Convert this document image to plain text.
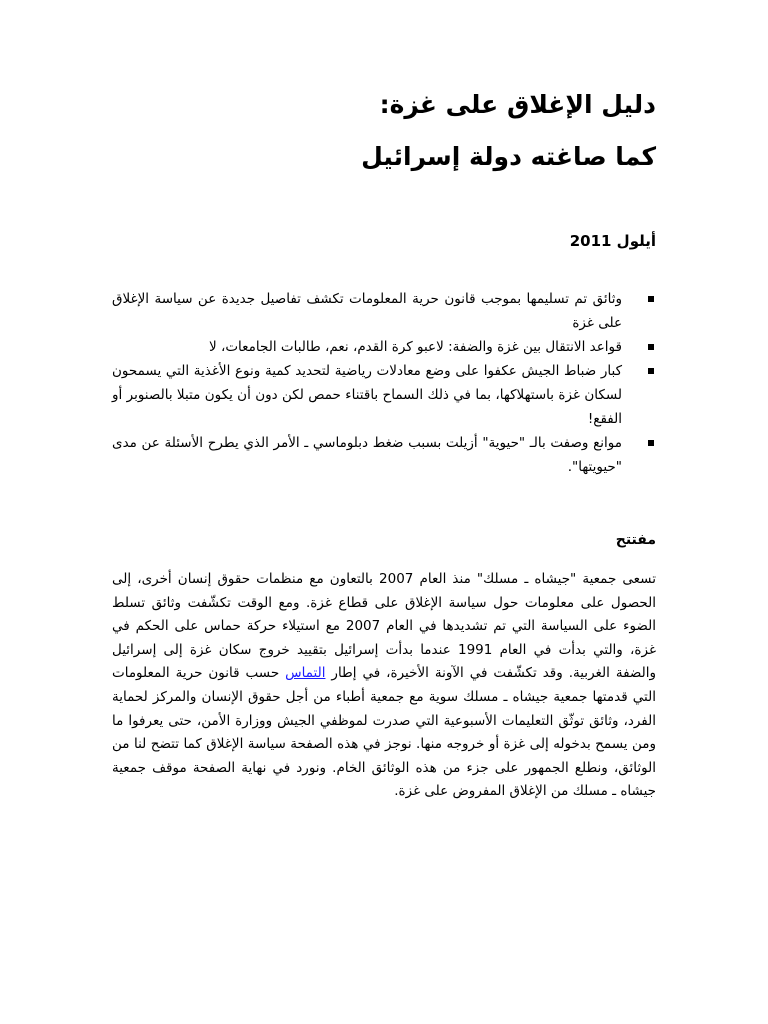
دليل الإغلاق على غزة:
كما صاغته دولة إسرائيل

أيلول 2011

وثائق تم تسليمها بموجب قانون حرية المعلومات تكشف تفاصيل جديدة عن سياسة الإغلاق على غزة
قواعد الانتقال بين غزة والضفة: لاعبو كرة القدم، نعم، طالبات الجامعات، لا
كبار ضباط الجيش عكفوا على وضع معادلات رياضية لتحديد كمية ونوع الأغذية التي يسمحون لسكان غزة باستهلاكها، بما في ذلك السماح باقتناء حمص لكن دون أن يكون متبلا بالصنوبر أو الفقع!
موانع وصفت بالـ "حيوية" أزيلت بسبب ضغط دبلوماسي ـ الأمر الذي يطرح الأسئلة عن مدى "حيويتها".
مفتتح

تسعى جمعية "جيشاه ـ مسلك" منذ العام 2007 بالتعاون مع منظمات حقوق إنسان أخرى، إلى الحصول على معلومات حول سياسة الإغلاق على قطاع غزة. ومع الوقت تكشّفت وثائق تسلط الضوء على السياسة التي تم تشديدها في العام 2007 مع استيلاء حركة حماس على الحكم في غزة، والتي بدأت في العام 1991 عندما بدأت إسرائيل بتقييد خروج سكان غزة إلى إسرائيل والضفة الغربية. وقد تكشّفت في الآونة الأخيرة، في إطار التماس حسب قانون حرية المعلومات التي قدمتها جمعية جيشاه ـ مسلك سوية مع جمعية أطباء من أجل حقوق الإنسان والمركز لحماية الفرد، وثائق توثّق التعليمات الأسبوعية التي صدرت لموظفي الجيش ووزارة الأمن، حتى يعرفوا ما ومن يسمح بدخوله إلى غزة أو خروجه منها. نوجز في هذه الصفحة سياسة الإغلاق كما تتضح لنا من الوثائق، ونطلع الجمهور على جزء من هذه الوثائق الخام. ونورد في نهاية الصفحة موقف جمعية جيشاه ـ مسلك من الإغلاق المفروض على غزة.
